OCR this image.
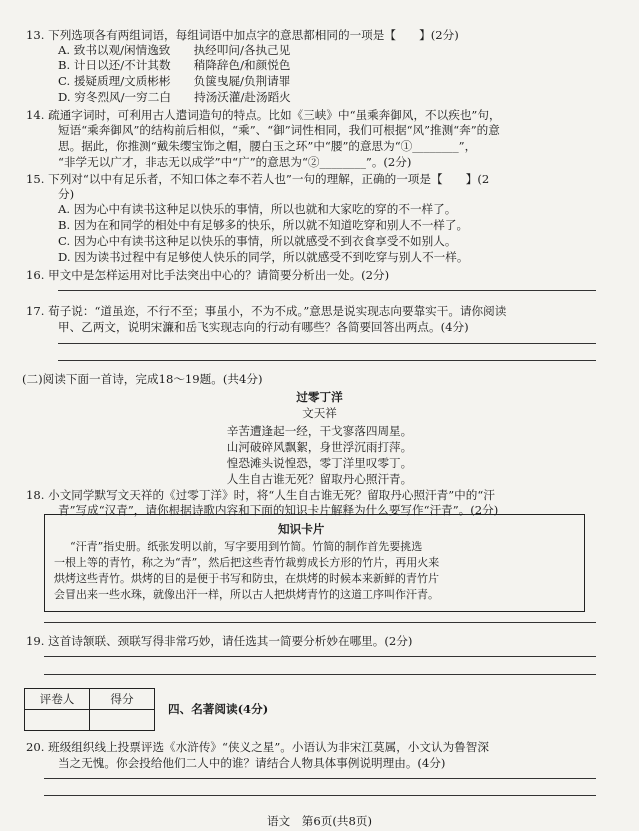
13. 下列选项各有两组词语，每组词语中加点字的意思都相同的一项是【　　】(2分)
A. 致书以观/闲情逸致　　执经叩问/各执己见
B. 计日以还/不计其数　　稍降辞色/和颜悦色
C. 援疑质理/文质彬彬　　负箧曳屣/负荆请罪
D. 穷冬烈风/一穷二白　　持汤沃灌/赴汤蹈火
14. 疏通字词时，可利用古人遣词造句的特点。比如《三峡》中“虽乘奔御风，不以疾也”句，
短语“乘奔御风”的结构前后相似，“乘”、“御”词性相同，我们可根据“风”推测“奔”的意
思。据此，你推测“戴朱缨宝饰之帽，腰白玉之环”中“腰”的意思为“①________”，
“非学无以广才，非志无以成学”中“广”的意思为“②________”。(2分)
15. 下列对“以中有足乐者，不知口体之奉不若人也”一句的理解，正确的一项是【　　】(2
分)
A. 因为心中有读书这种足以快乐的事情，所以也就和大家吃的穿的不一样了。
B. 因为在和同学的相处中有足够多的快乐，所以就不知道吃穿和别人不一样了。
C. 因为心中有读书这种足以快乐的事情，所以就感受不到衣食享受不如别人。
D. 因为读书过程中有足够使人快乐的同学，所以就感受不到吃穿与别人不一样。
16. 甲文中是怎样运用对比手法突出中心的？请简要分析出一处。(2分)
17. 荀子说：“道虽迩，不行不至；事虽小，不为不成。”意思是说实现志向要靠实干。请你阅读
甲、乙两文，说明宋濂和岳飞实现志向的行动有哪些？各简要回答出两点。(4分)
(二)阅读下面一首诗，完成18～19题。(共4分)
过零丁洋
文天祥
辛苦遭逢起一经，干戈寥落四周星。
山河破碎风飘絮，身世浮沉雨打萍。
惶恐滩头说惶恐，零丁洋里叹零丁。
人生自古谁无死？留取丹心照汗青。
18. 小文同学默写文天祥的《过零丁洋》时，将“人生自古谁无死？留取丹心照汗青”中的“汗
青”写成“汉青”，请你根据诗歌内容和下面的知识卡片解释为什么要写作“汗青”。(2分)
知识卡片
“汗青”指史册。纸张发明以前，写字要用到竹简。竹简的制作首先要挑选
一根上等的青竹，称之为“青”，然后把这些青竹裁剪成长方形的竹片，再用火来
烘烤这些青竹。烘烤的目的是便于书写和防虫，在烘烤的时候本来新鲜的青竹片
会冒出来一些水珠，就像出汗一样，所以古人把烘烤青竹的这道工序叫作汗青。
19. 这首诗颔联、颈联写得非常巧妙，请任选其一简要分析妙在哪里。(2分)
评卷人	得分

四、名著阅读(4分)
20. 班级组织线上投票评选《水浒传》“侠义之星”。小语认为非宋江莫属，小文认为鲁智深
当之无愧。你会投给他们二人中的谁？请结合人物具体事例说明理由。(4分)
语文　第6页(共8页)
